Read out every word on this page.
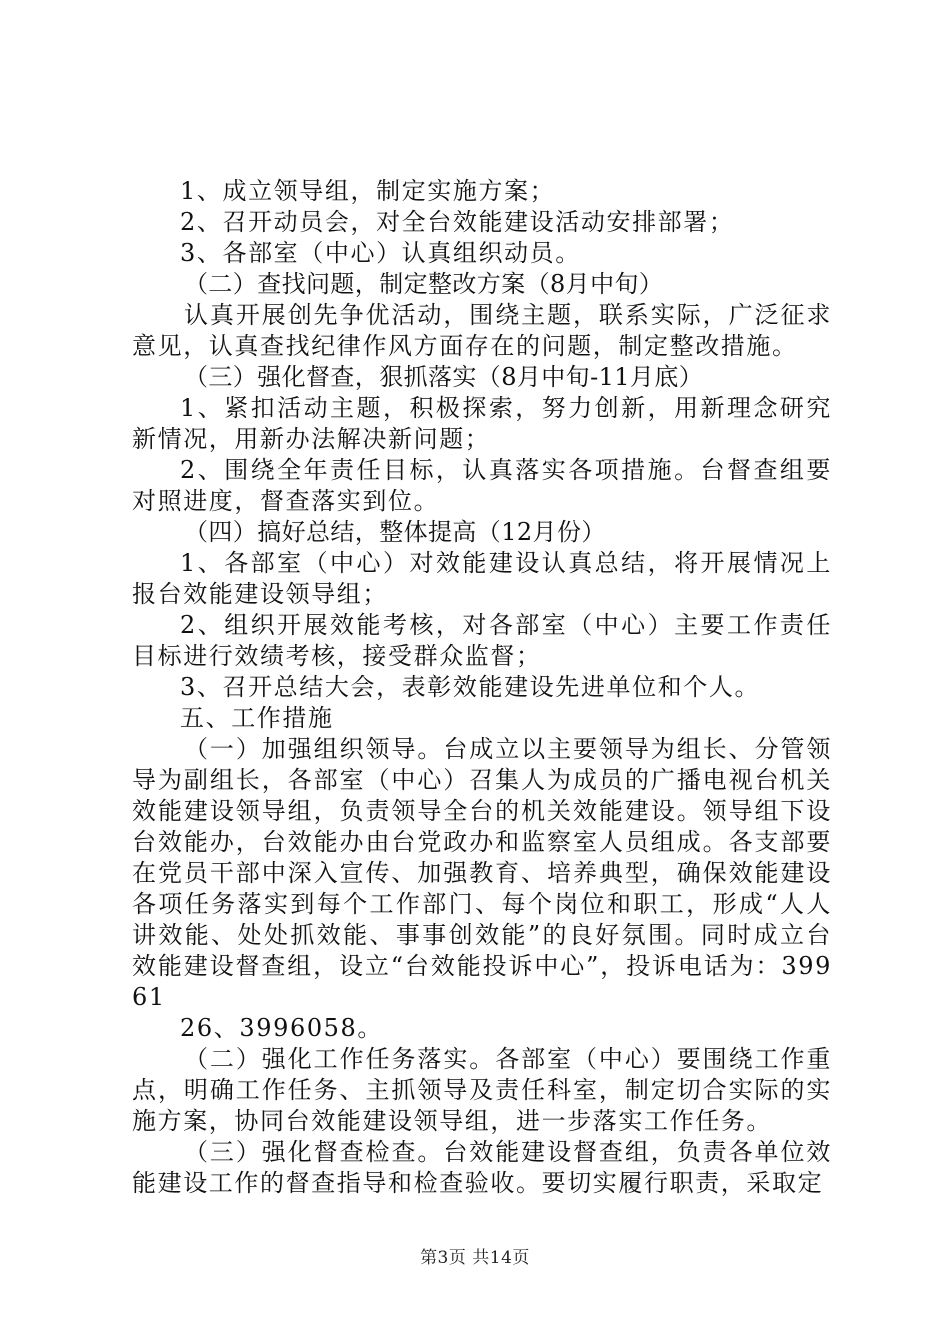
1、成立领导组，制定实施方案；

2、召开动员会，对全台效能建设活动安排部署；

3、各部室（中心）认真组织动员。

（二）查找问题，制定整改方案（8月中旬）

认真开展创先争优活动，围绕主题，联系实际，广泛征求意见，认真查找纪律作风方面存在的问题，制定整改措施。

（三）强化督查，狠抓落实（8月中旬-11月底）

1、紧扣活动主题，积极探索，努力创新，用新理念研究新情况，用新办法解决新问题；

2、围绕全年责任目标，认真落实各项措施。台督查组要对照进度，督查落实到位。

（四）搞好总结，整体提高（12月份）

1、各部室（中心）对效能建设认真总结，将开展情况上报台效能建设领导组；

2、组织开展效能考核，对各部室（中心）主要工作责任目标进行效绩考核，接受群众监督；

3、召开总结大会，表彰效能建设先进单位和个人。

五、工作措施

（一）加强组织领导。台成立以主要领导为组长、分管领导为副组长，各部室（中心）召集人为成员的广播电视台机关效能建设领导组，负责领导全台的机关效能建设。领导组下设台效能办，台效能办由台党政办和监察室人员组成。各支部要在党员干部中深入宣传、加强教育、培养典型，确保效能建设各项任务落实到每个工作部门、每个岗位和职工，形成“人人讲效能、处处抓效能、事事创效能”的良好氛围。同时成立台效能建设督查组，设立“台效能投诉中心”，投诉电话为：39961

26、3996058。

（二）强化工作任务落实。各部室（中心）要围绕工作重点，明确工作任务、主抓领导及责任科室，制定切合实际的实施方案，协同台效能建设领导组，进一步落实工作任务。

（三）强化督查检查。台效能建设督查组，负责各单位效能建设工作的督查指导和检查验收。要切实履行职责，采取定

第3页 共14页
